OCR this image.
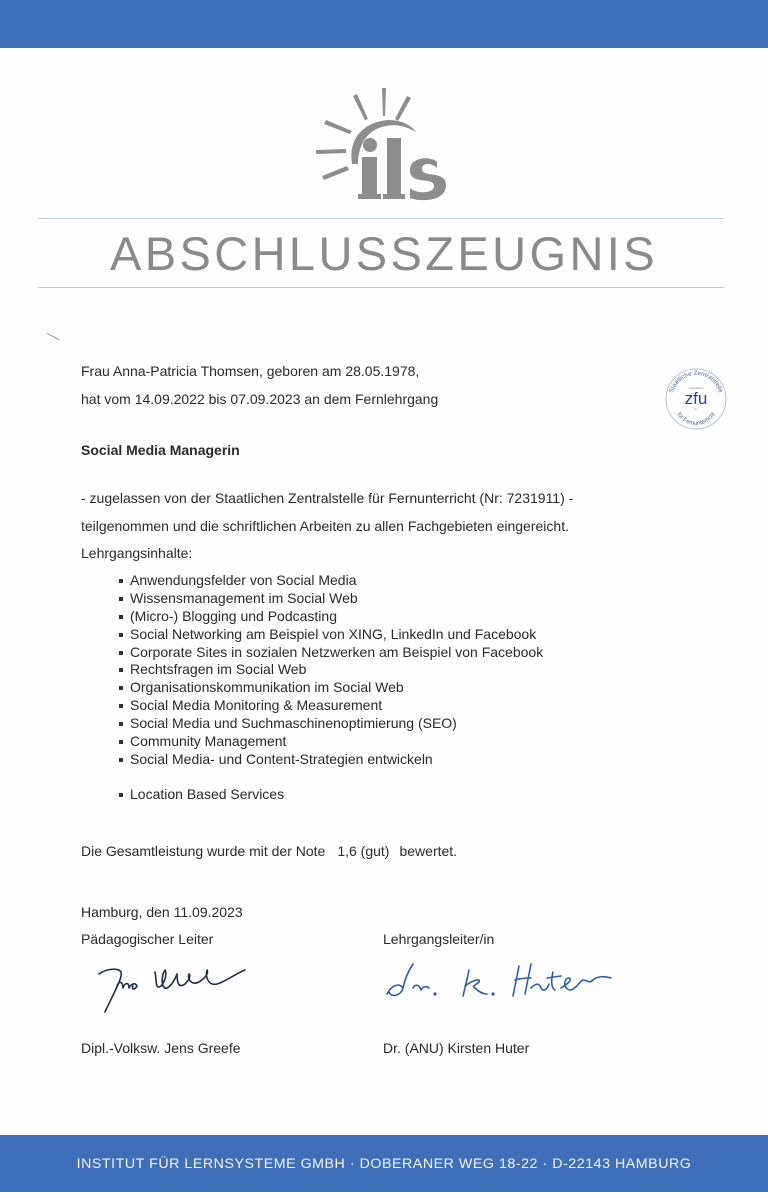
ABSCHLUSSZEUGNIS
Staatliche Zentralstelle
für Fernunterricht
zugelassen
zfu
Nr.
Frau Anna-Patricia Thomsen, geboren am 28.05.1978,
hat vom 14.09.2022 bis 07.09.2023 an dem Fernlehrgang
Social Media Managerin
- zugelassen von der Staatlichen Zentralstelle für Fernunterricht (Nr: 7231911) -
teilgenommen und die schriftlichen Arbeiten zu allen Fachgebieten eingereicht.
Lehrgangsinhalte:
Anwendungsfelder von Social Media
Wissensmanagement im Social Web
(Micro-) Blogging und Podcasting
Social Networking am Beispiel von XING, LinkedIn und Facebook
Corporate Sites in sozialen Netzwerken am Beispiel von Facebook
Rechtsfragen im Social Web
Organisationskommunikation im Social Web
Social Media Monitoring & Measurement
Social Media und Suchmaschinenoptimierung (SEO)
Community Management
Social Media- und Content-Strategien entwickeln
Location Based Services
Die Gesamtleistung wurde mit der Note 1,6 (gut) bewertet.
Hamburg, den 11.09.2023
Pädagogischer Leiter	Lehrgangsleiter/in
Dipl.-Volksw. Jens Greefe	Dr. (ANU) Kirsten Huter
INSTITUT FÜR LERNSYSTEME GMBH · DOBERANER WEG 18-22 · D-22143 HAMBURG
